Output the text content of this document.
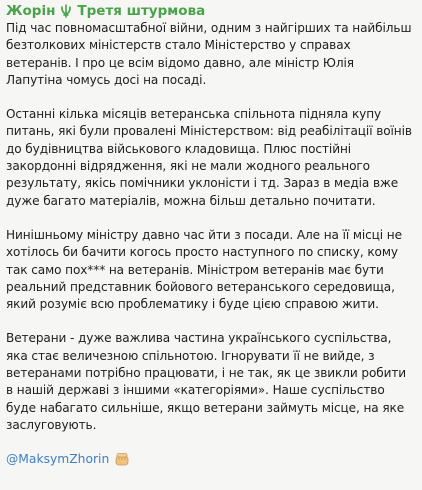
Жорін Третя штурмова
Під час повномасштабної війни, одним з найгірших та найбільш безтолкових міністерств стало Міністерство у справах ветеранів. І про це всім відомо давно, але міністр Юлія Лапутіна чомусь досі на посаді.
Останні кілька місяців ветеранська спільнота підняла купу питань, які були провалені Міністерством: від реабілітації воїнів до будівництва військового кладовища. Плюс постійні закордонні відрядження, які не мали жодного реального результату, якісь помічники уклоністи і тд. Зараз в медіа вже дуже багато матеріалів, можна більш детально почитати.
Нинішньому міністру давно час йти з посади. Але на її місці не хотілось би бачити когось просто наступного по списку, кому так само пох*** на ветеранів. Міністром ветеранів має бути реальний представник бойового ветеранського середовища, який розуміє всю проблематику і буде цією справою жити.
Ветерани - дуже важлива частина українського суспільства, яка стає величезною спільнотою. Ігнорувати її не вийде, з ветеранами потрібно працювати, і не так, як це звикли робити в нашій державі з іншими «категоріями». Наше суспільство буде набагато сильніше, якщо ветерани займуть місце, на яке заслуговують.
@MaksymZhorin
